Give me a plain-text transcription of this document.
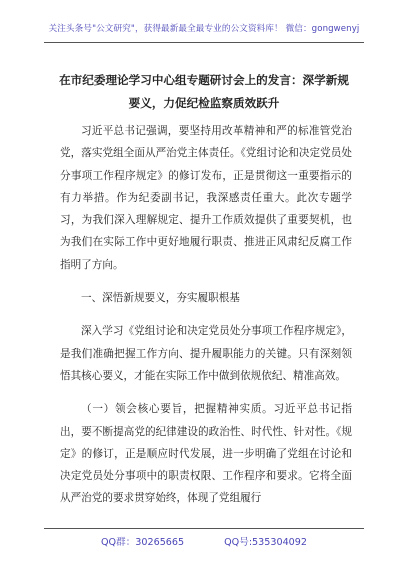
关注头条号"公文研究"，获得最新最全最专业的公文资料库！ 微信：gongwenyj
在市纪委理论学习中心组专题研讨会上的发言：深学新规
要义，力促纪检监察质效跃升

习近平总书记强调，要坚持用改革精神和严的标准管党治党，落实党组全面从严治党主体责任。《党组讨论和决定党员处分事项工作程序规定》的修订发布，正是贯彻这一重要指示的有力举措。作为纪委副书记，我深感责任重大。此次专题学习，为我们深入理解规定、提升工作质效提供了重要契机，也为我们在实际工作中更好地履行职责、推进正风肃纪反腐工作指明了方向。

一、深悟新规要义，夯实履职根基

深入学习《党组讨论和决定党员处分事项工作程序规定》，是我们准确把握工作方向、提升履职能力的关键。只有深刻领悟其核心要义，才能在实际工作中做到依规依纪、精准高效。

（一）领会核心要旨，把握精神实质。习近平总书记指出，要不断提高党的纪律建设的政治性、时代性、针对性。《规定》的修订，正是顺应时代发展，进一步明确了党组在讨论和决定党员处分事项中的职责权限、工作程序和要求。它将全面从严治党的要求贯穿始终，体现了党组履行

QQ群：30265665	QQ号:535304092
